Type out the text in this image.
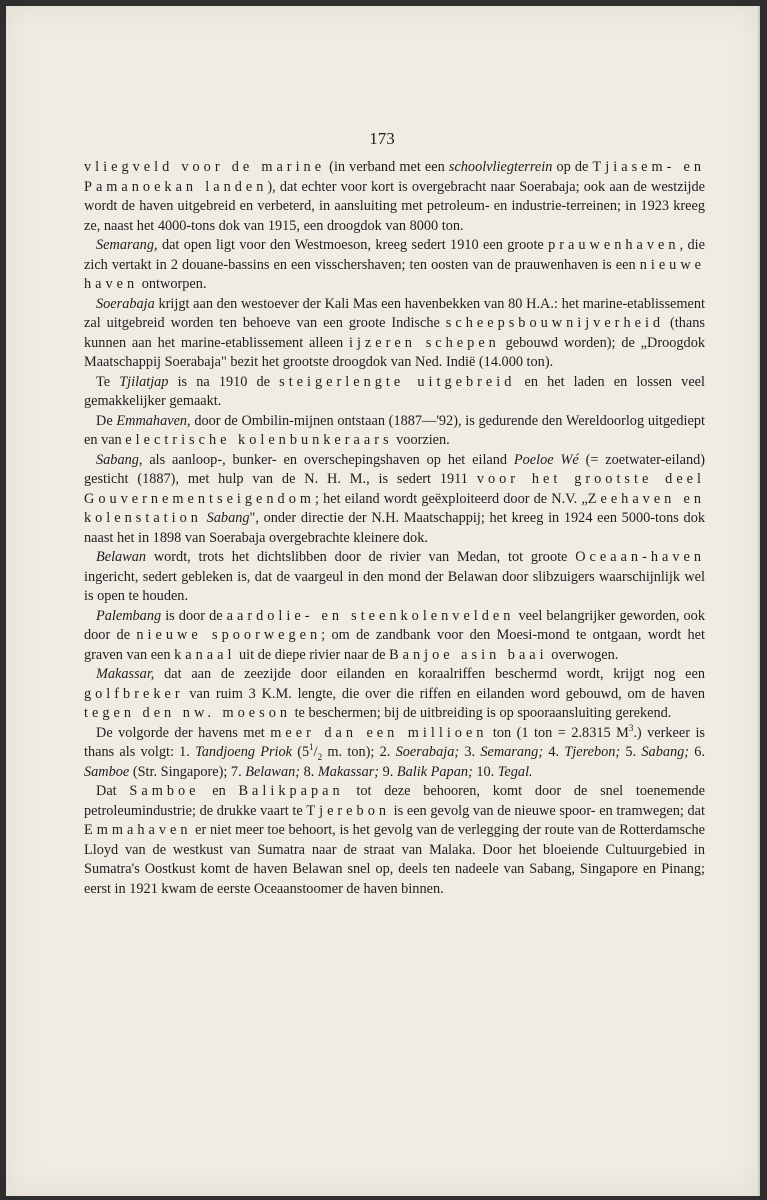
173

vliegveld voor de marine (in verband met een schoolvliegterrein op de Tjiasem- en Pamanoekan landen), dat echter voor kort is overgebracht naar Soerabaja; ook aan de westzijde wordt de haven uitgebreid en verbeterd, in aansluiting met petroleum- en industrie-terreinen; in 1923 kreeg ze, naast het 4000-tons dok van 1915, een droogdok van 8000 ton.

Semarang, dat open ligt voor den Westmoeson, kreeg sedert 1910 een groote prauwenhaven, die zich vertakt in 2 douane-bassins en een visschershaven; ten oosten van de prauwenhaven is een nieuwe haven ontworpen.

Soerabaja krijgt aan den westoever der Kali Mas een havenbekken van 80 H.A.: het marine-etablissement zal uitgebreid worden ten behoeve van een groote Indische scheepsbouwnijverheid (thans kunnen aan het marine-etablissement alleen ijzeren schepen gebouwd worden); de „Droogdok Maatschappij Soerabaja" bezit het grootste droogdok van Ned. Indië (14.000 ton).

Te Tjilatjap is na 1910 de steigerlengte uitgebreid en het laden en lossen veel gemakkelijker gemaakt.

De Emmahaven, door de Ombilin-mijnen ontstaan (1887—'92), is gedurende den Wereldoorlog uitgediept en van electrische kolenbunkeraars voorzien.

Sabang, als aanloop-, bunker- en overschepingshaven op het eiland Poeloe Wé (= zoetwater-eiland) gesticht (1887), met hulp van de N. H. M., is sedert 1911 voor het grootste deel Gouvernementseigendom; het eiland wordt geëxploiteerd door de N.V. „Zeehaven en kolenstation Sabang", onder directie der N.H. Maatschappij; het kreeg in 1924 een 5000-tons dok naast het in 1898 van Soerabaja overgebrachte kleinere dok.

Belawan wordt, trots het dichtslibben door de rivier van Medan, tot groote Oceaan-haven ingericht, sedert gebleken is, dat de vaargeul in den mond der Belawan door slibzuigers waarschijnlijk wel is open te houden.

Palembang is door de aardolie- en steenkolenvelden veel belangrijker geworden, ook door de nieuwe spoorwegen; om de zandbank voor den Moesi-mond te ontgaan, wordt het graven van een kanaal uit de diepe rivier naar de Banjoe asin baai overwogen.

Makassar, dat aan de zeezijde door eilanden en koraalriffen beschermd wordt, krijgt nog een golfbreker van ruim 3 K.M. lengte, die over die riffen en eilanden word gebouwd, om de haven tegen den nw. moeson te beschermen; bij de uitbreiding is op spooraansluiting gerekend.

De volgorde der havens met meer dan een millioen ton (1 ton = 2.8315 $M^3$.) verkeer is thans als volgt: 1. Tandjoeng Priok ($5^1/_2$ m. ton); 2. Soerabaja; 3. Semarang; 4. Tjerebon; 5. Sabang; 6. Samboe (Str. Singapore); 7. Belawan; 8. Makassar; 9. Balik Papan; 10. Tegal.

Dat Samboe en Balikpapan tot deze behooren, komt door de snel toenemende petroleumindustrie; de drukke vaart te Tjerebon is een gevolg van de nieuwe spoor- en tramwegen; dat Emmahaven er niet meer toe behoort, is het gevolg van de verlegging der route van de Rotterdamsche Lloyd van de westkust van Sumatra naar de straat van Malaka. Door het bloeiende Cultuurgebied in Sumatra's Oostkust komt de haven Belawan snel op, deels ten nadeele van Sabang, Singapore en Pinang; eerst in 1921 kwam de eerste Oceaanstoomer de haven binnen.
